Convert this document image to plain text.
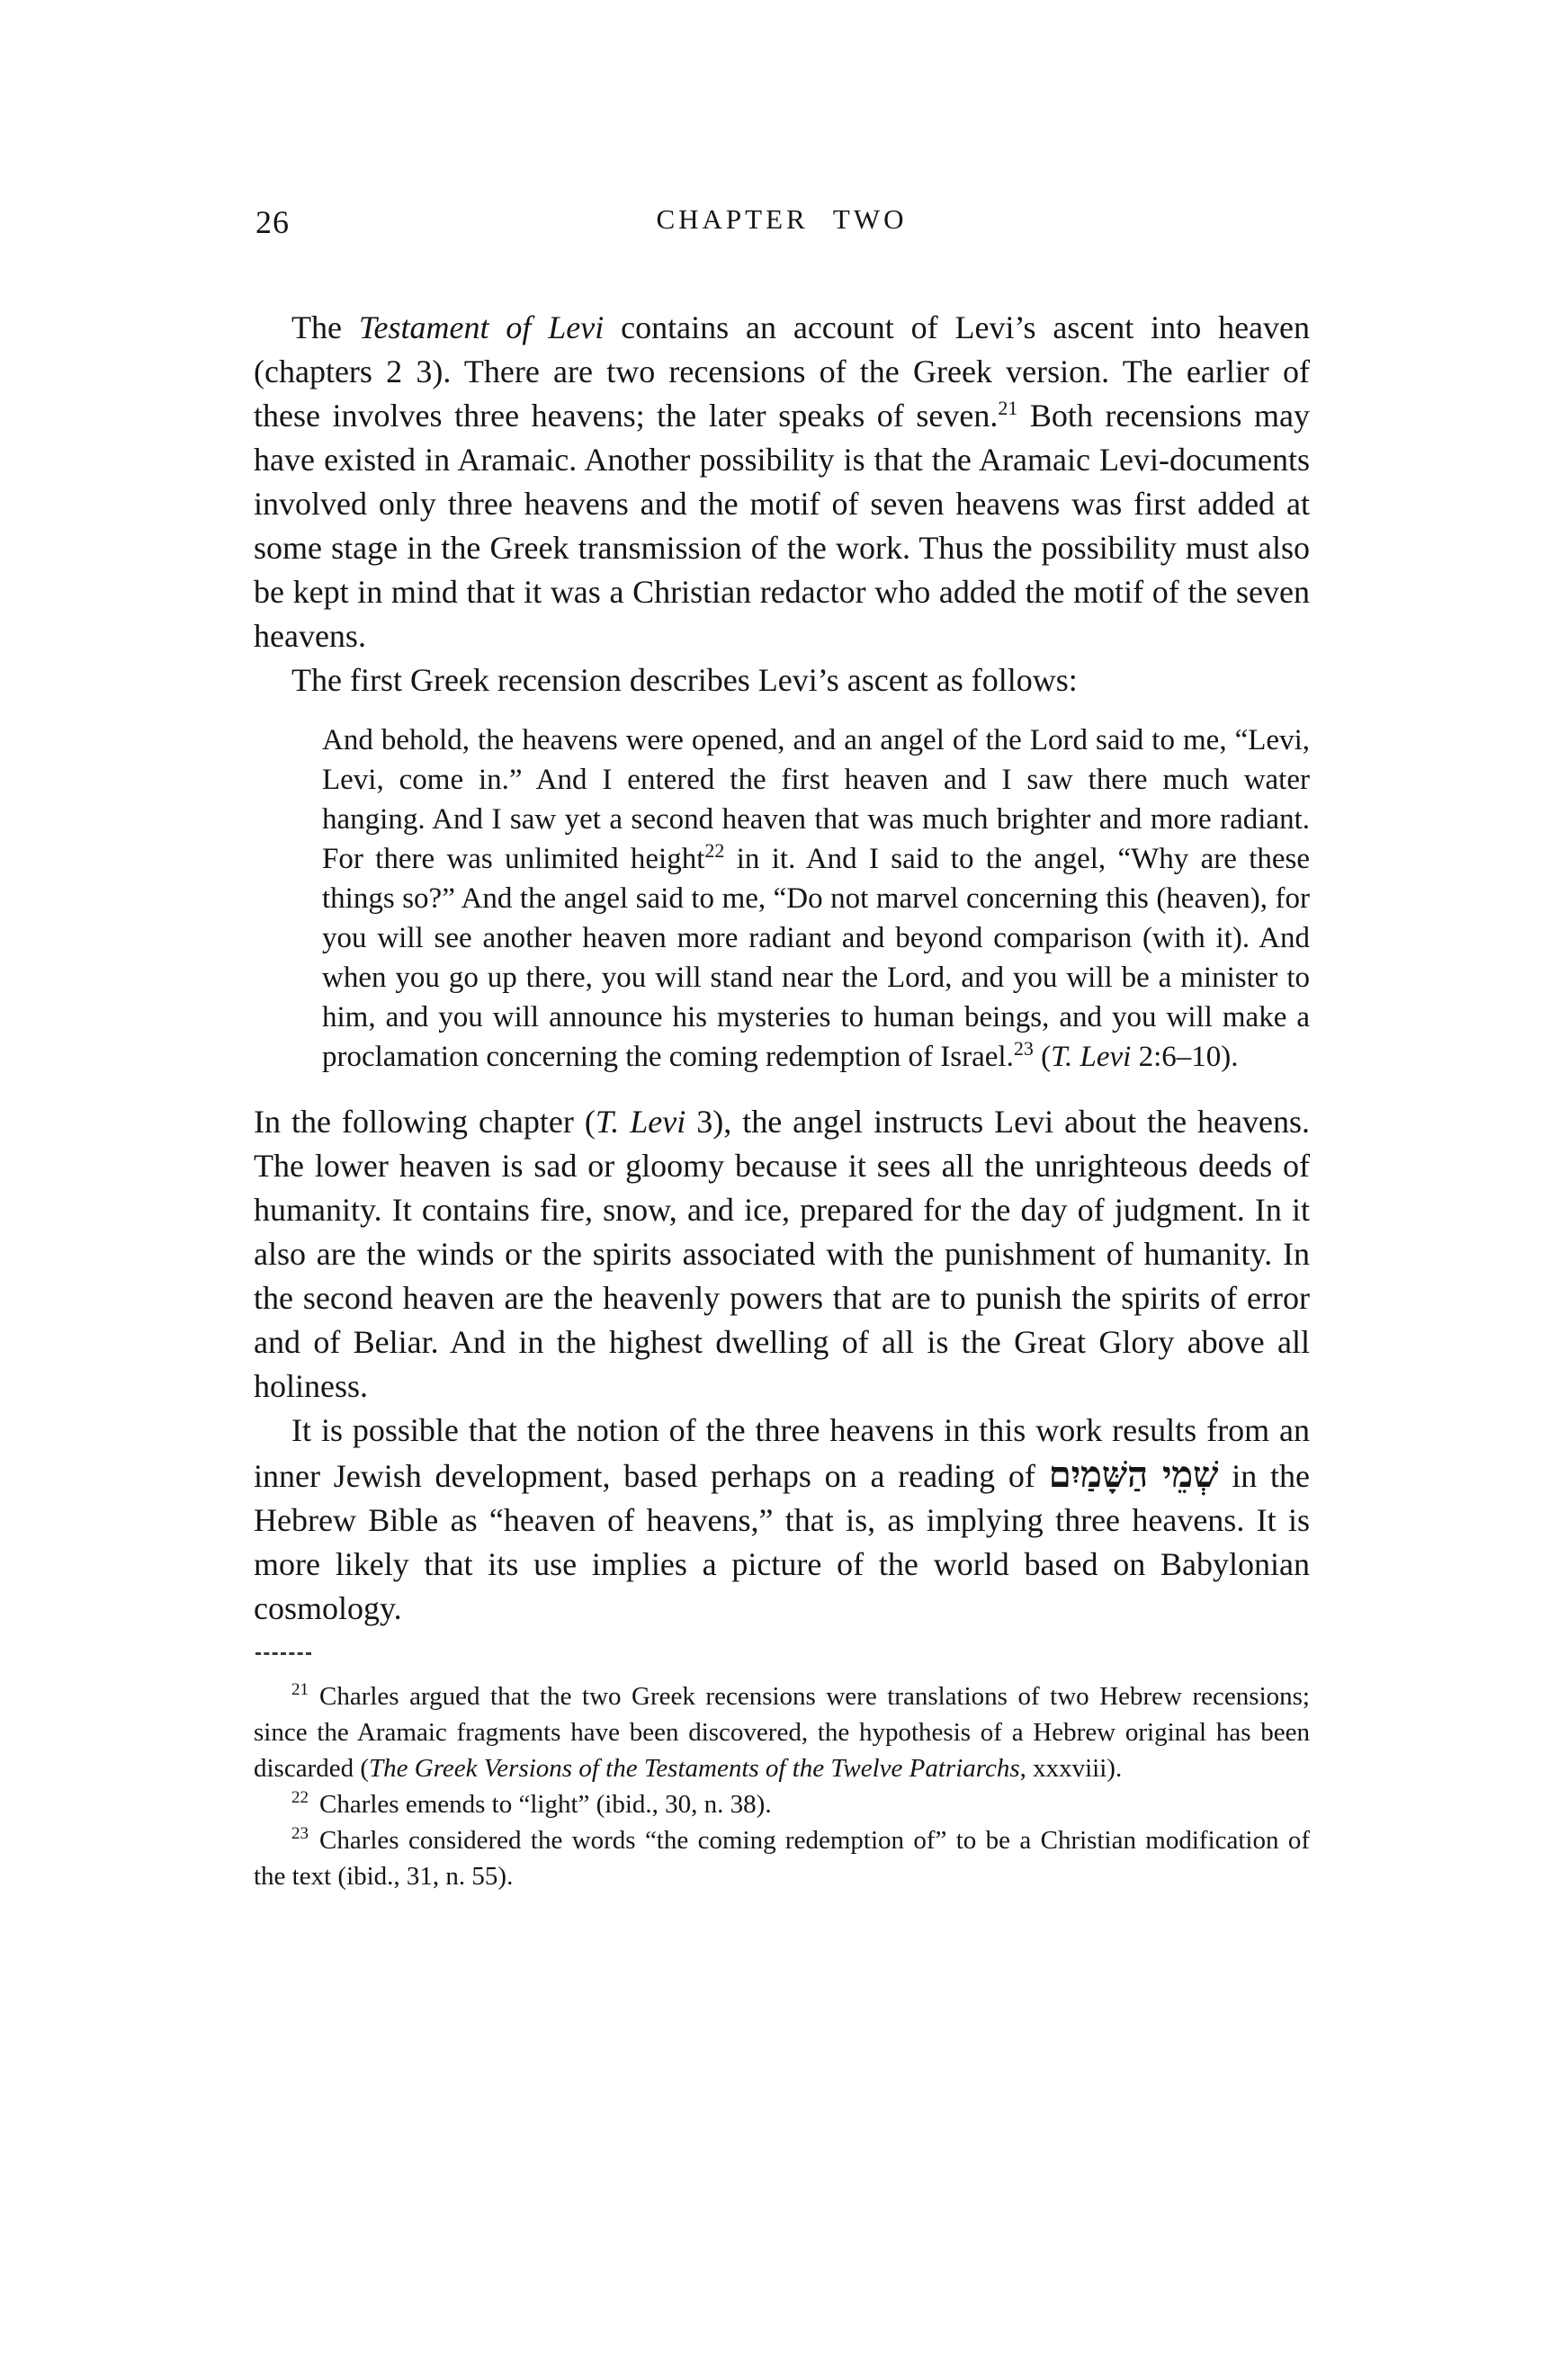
26	CHAPTER TWO

The Testament of Levi contains an account of Levi’s ascent into heaven (chapters 2 3). There are two recensions of the Greek version. The earlier of these involves three heavens; the later speaks of seven.$^{21}$ Both recensions may have existed in Aramaic. Another possibility is that the Aramaic Levi-documents involved only three heavens and the motif of seven heavens was first added at some stage in the Greek transmission of the work. Thus the possibility must also be kept in mind that it was a Christian redactor who added the motif of the seven heavens.

The first Greek recension describes Levi’s ascent as follows:

And behold, the heavens were opened, and an angel of the Lord said to me, “Levi, Levi, come in.” And I entered the first heaven and I saw there much water hanging. And I saw yet a second heaven that was much brighter and more radiant. For there was unlimited height$^{22}$ in it. And I said to the angel, “Why are these things so?” And the angel said to me, “Do not marvel concerning this (heaven), for you will see another heaven more radiant and beyond comparison (with it). And when you go up there, you will stand near the Lord, and you will be a minister to him, and you will announce his mysteries to human beings, and you will make a proclamation concerning the coming redemption of Israel.$^{23}$ (T. Levi 2:6–10).

In the following chapter (T. Levi 3), the angel instructs Levi about the heavens. The lower heaven is sad or gloomy because it sees all the unrighteous deeds of humanity. It contains fire, snow, and ice, prepared for the day of judgment. In it also are the winds or the spirits associated with the punishment of humanity. In the second heaven are the heavenly powers that are to punish the spirits of error and of Beliar. And in the highest dwelling of all is the Great Glory above all holiness.

It is possible that the notion of the three heavens in this work results from an inner Jewish development, based perhaps on a reading of שְׁמֵי הַשָּׁמַיִם in the Hebrew Bible as “heaven of heavens,” that is, as implying three heavens. It is more likely that its use implies a picture of the world based on Babylonian cosmology.

$^{21}$ Charles argued that the two Greek recensions were translations of two Hebrew recensions; since the Aramaic fragments have been discovered, the hypothesis of a Hebrew original has been discarded (The Greek Versions of the Testaments of the Twelve Patriarchs, xxxviii).

$^{22}$ Charles emends to “light” (ibid., 30, n. 38).

$^{23}$ Charles considered the words “the coming redemption of” to be a Christian modification of the text (ibid., 31, n. 55).
